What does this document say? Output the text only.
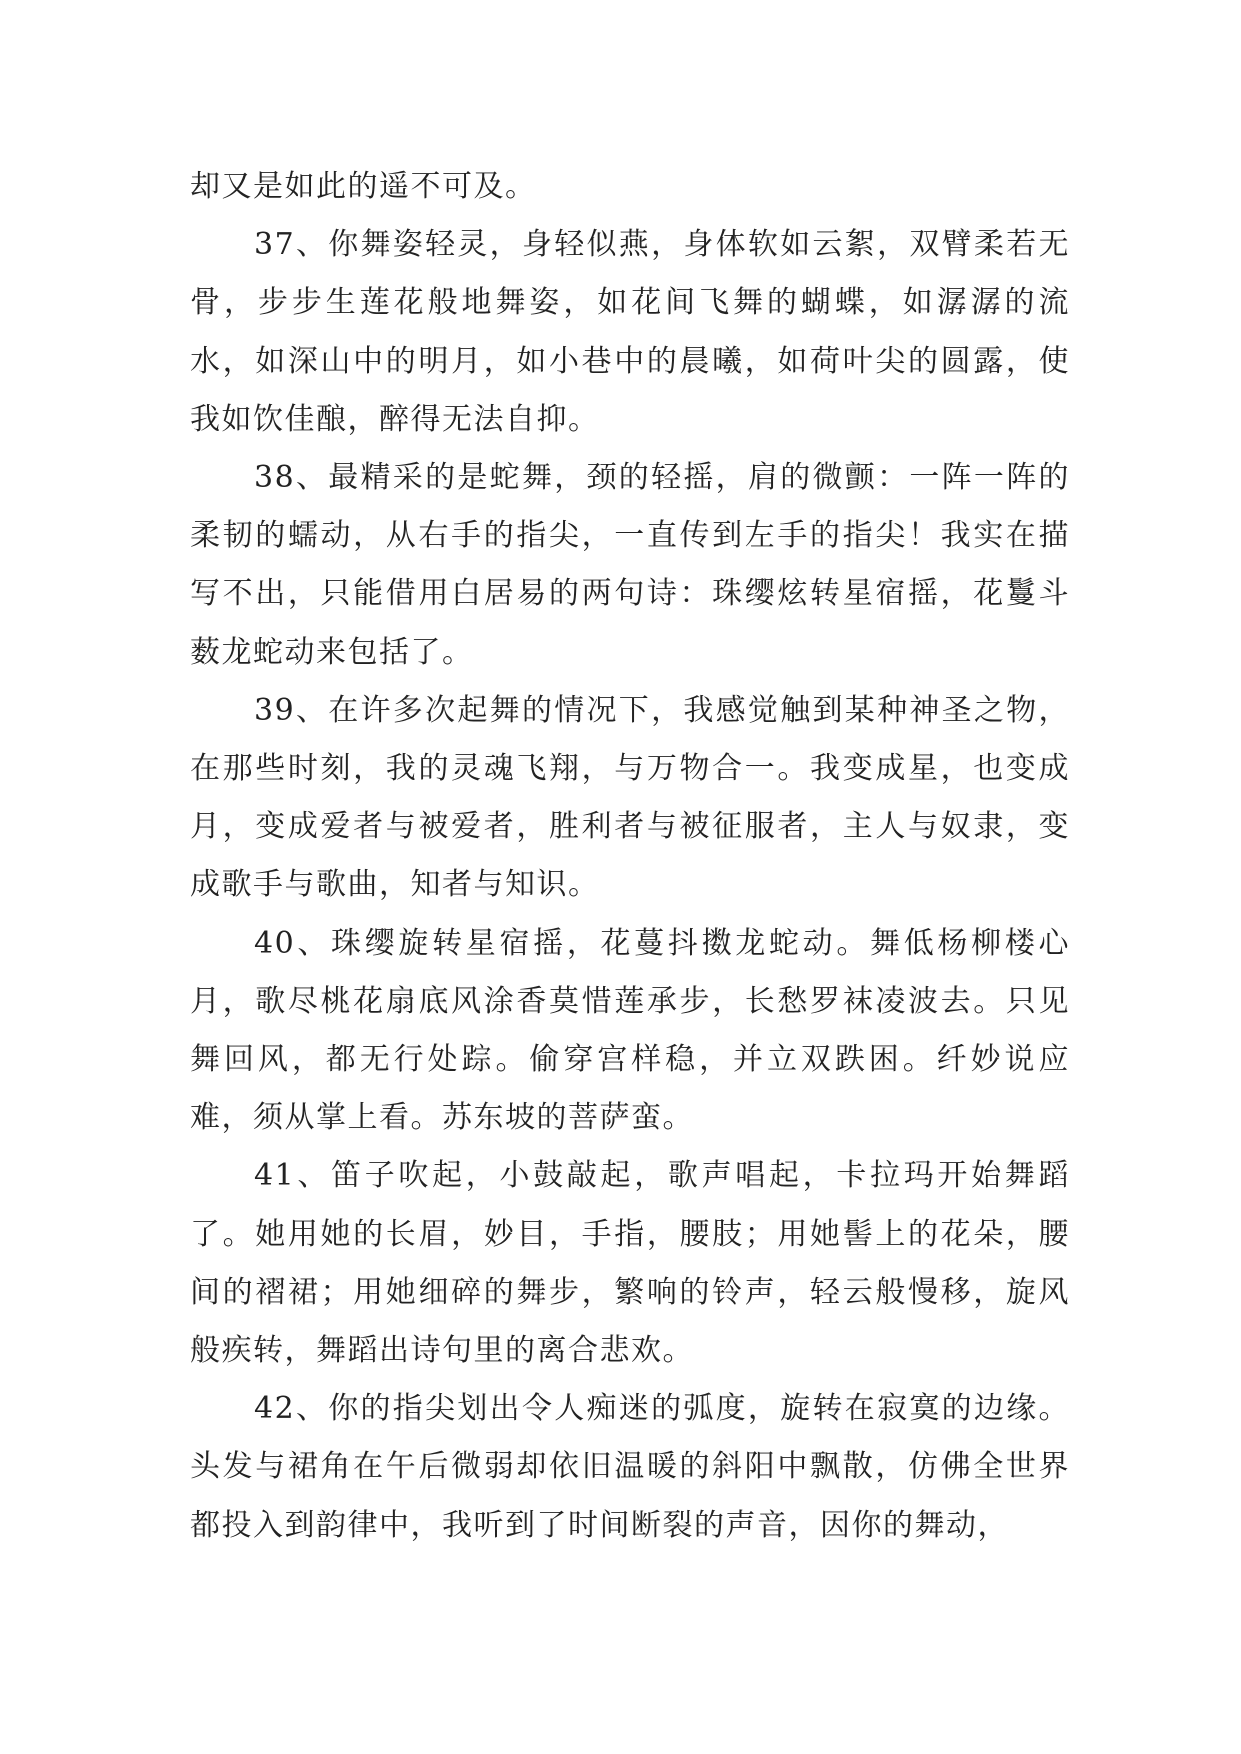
却又是如此的遥不可及。

37、你舞姿轻灵，身轻似燕，身体软如云絮，双臂柔若无骨，步步生莲花般地舞姿，如花间飞舞的蝴蝶，如潺潺的流水，如深山中的明月，如小巷中的晨曦，如荷叶尖的圆露，使我如饮佳酿，醉得无法自抑。

38、最精采的是蛇舞，颈的轻摇，肩的微颤：一阵一阵的柔韧的蠕动，从右手的指尖，一直传到左手的指尖！我实在描写不出，只能借用白居易的两句诗：珠缨炫转星宿摇，花鬘斗薮龙蛇动来包括了。

39、在许多次起舞的情况下，我感觉触到某种神圣之物，在那些时刻，我的灵魂飞翔，与万物合一。我变成星，也变成月，变成爱者与被爱者，胜利者与被征服者，主人与奴隶，变成歌手与歌曲，知者与知识。

40、珠缨旋转星宿摇，花蔓抖擞龙蛇动。舞低杨柳楼心月，歌尽桃花扇底风涂香莫惜莲承步，长愁罗袜凌波去。只见舞回风，都无行处踪。偷穿宫样稳，并立双跌困。纤妙说应难，须从掌上看。苏东坡的菩萨蛮。

41、笛子吹起，小鼓敲起，歌声唱起，卡拉玛开始舞蹈了。她用她的长眉，妙目，手指，腰肢；用她髻上的花朵，腰间的褶裙；用她细碎的舞步，繁响的铃声，轻云般慢移，旋风般疾转，舞蹈出诗句里的离合悲欢。

42、你的指尖划出令人痴迷的弧度，旋转在寂寞的边缘。头发与裙角在午后微弱却依旧温暖的斜阳中飘散，仿佛全世界都投入到韵律中，我听到了时间断裂的声音，因你的舞动，
